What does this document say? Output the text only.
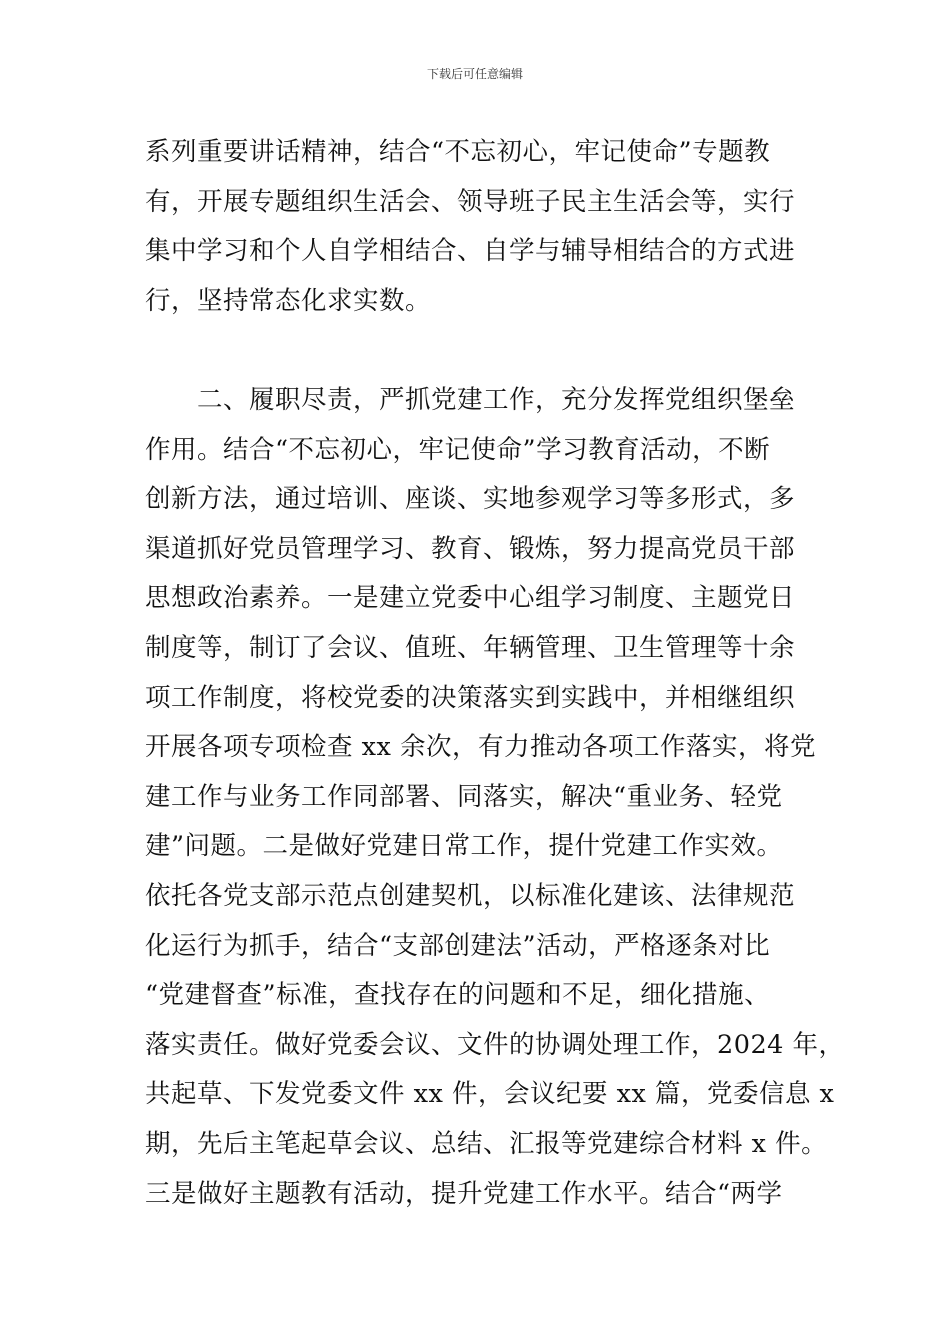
下载后可任意编辑
系列重要讲话精神，结合“不忘初心，牢记使命”专题教
有，开展专题组织生活会、领导班子民主生活会等，实行
集中学习和个人自学相结合、自学与辅导相结合的方式进
行，坚持常态化求实数。
　　二、履职尽责，严抓党建工作，充分发挥党组织堡垒
作用。结合“不忘初心，牢记使命”学习教育活动，不断
创新方法，通过培训、座谈、实地参观学习等多形式，多
渠道抓好党员管理学习、教育、锻炼，努力提高党员干部
思想政治素养。一是建立党委中心组学习制度、主题党日
制度等，制订了会议、值班、年辆管理、卫生管理等十余
项工作制度，将校党委的决策落实到实践中，并相继组织
开展各项专项检查 xx 余次，有力推动各项工作落实，将党
建工作与业务工作同部署、同落实，解决“重业务、轻党
建”问题。二是做好党建日常工作，提什党建工作实效。
依托各党支部示范点创建契机，以标准化建该、法律规范
化运行为抓手，结合“支部创建法”活动，严格逐条对比
“党建督查”标准，查找存在的问题和不足，细化措施、
落实责任。做好党委会议、文件的协调处理工作，2024 年，
共起草、下发党委文件 xx 件，会议纪要 xx 篇，党委信息 x
期，先后主笔起草会议、总结、汇报等党建综合材料 x 件。
三是做好主题教有活动，提升党建工作水平。结合“两学
